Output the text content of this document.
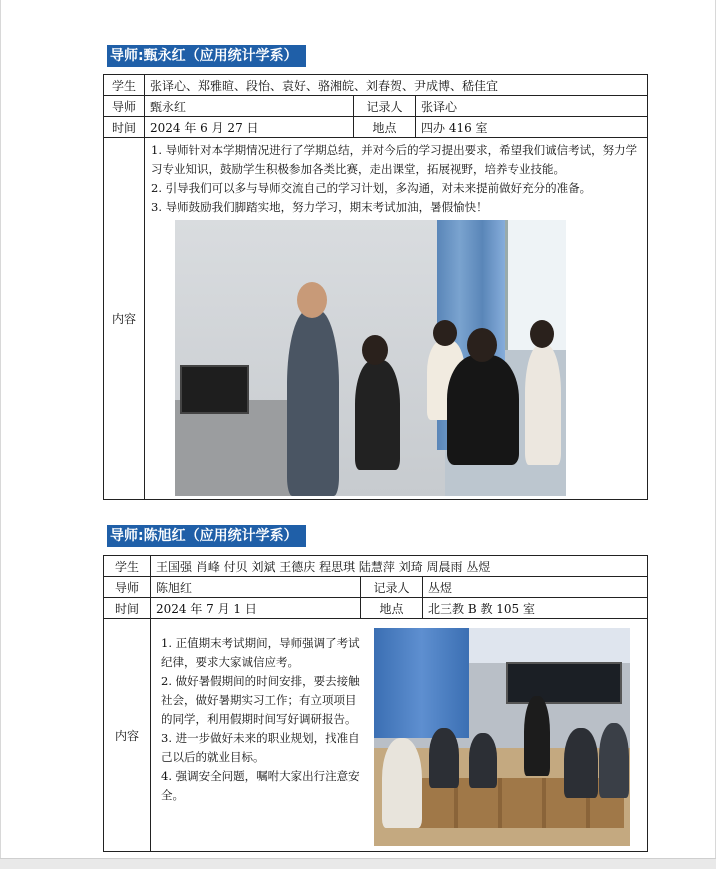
导师:甄永红（应用统计学系）
学生	张译心、郑雅暄、段怡、袁好、骆湘皖、刘春贺、尹成博、嵇佳宜		
导师	甄永红	记录人	张译心
时间	2024 年 6 月 27 日	地点	四办 416 室
内容	1. 导师针对本学期情况进行了学期总结，并对今后的学习提出要求，希望我们诚信考试，努力学习专业知识，鼓励学生积极参加各类比赛，走出课堂，拓展视野，培养专业技能。

2. 引导我们可以多与导师交流自己的学习计划，多沟通，对未来提前做好充分的准备。

3. 导师鼓励我们脚踏实地，努力学习，期末考试加油，暑假愉快！		

导师:陈旭红（应用统计学系）
学生	王国强 肖峰 付贝 刘斌 王德庆 程思琪 陆慧萍 刘琦 周晨雨 丛煜		
导师	陈旭红	记录人	丛煜
时间	2024 年 7 月 1 日	地点	北三教 B 教 105 室
内容	1. 正值期末考试期间，导师强调了考试纪律，要求大家诚信应考。

2. 做好暑假期间的时间安排，要去接触社会，做好暑期实习工作；有立项项目的同学，利用假期时间写好调研报告。

3. 进一步做好未来的职业规划，找准自己以后的就业目标。

4. 强调安全问题，嘱咐大家出行注意安全。		
